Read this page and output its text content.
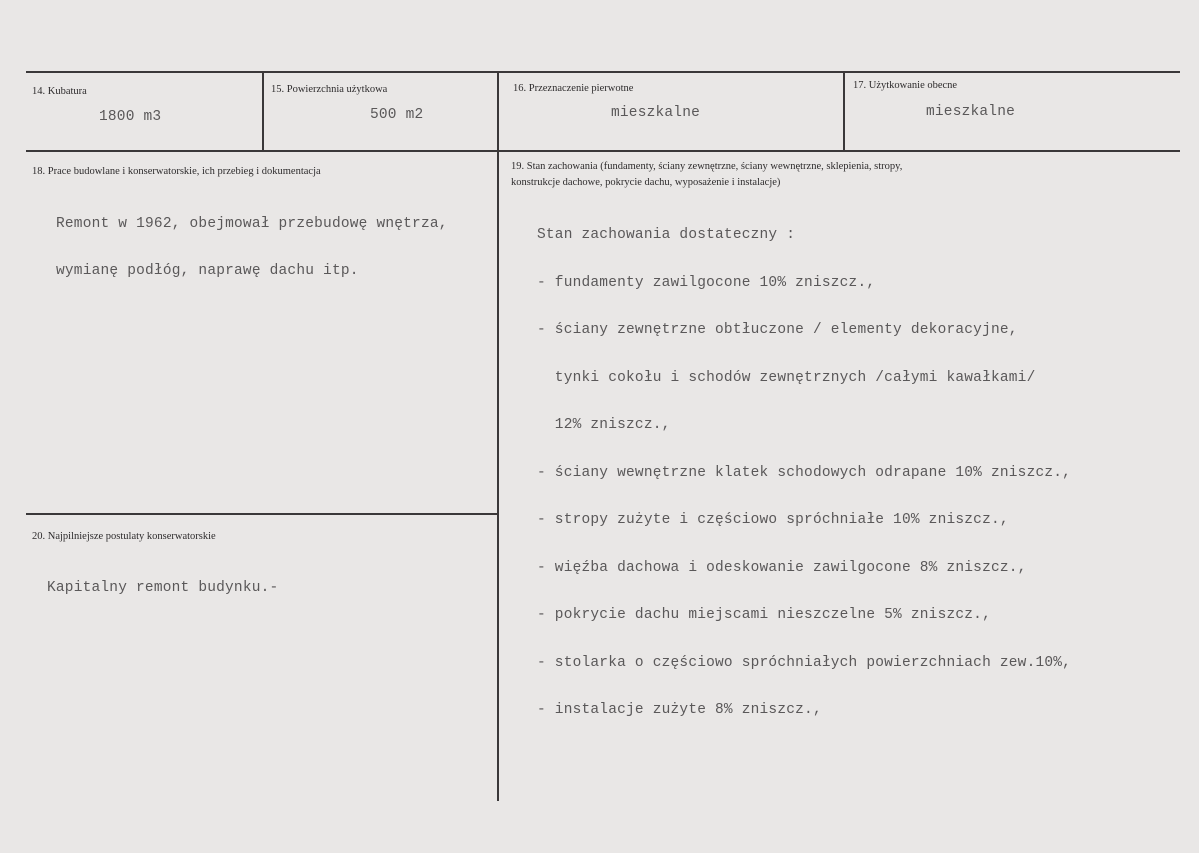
14. Kubatura
1800 m3
15. Powierzchnia użytkowa
500 m2
16. Przeznaczenie pierwotne
mieszkalne
17. Użytkowanie obecne
mieszkalne
18. Prace budowlane i konserwatorskie, ich przebieg i dokumentacja

Remont w 1962, obejmował przebudowę wnętrza,

wymianę podłóg, naprawę dachu itp.

19. Stan zachowania (fundamenty, ściany zewnętrzne, ściany wewnętrzne, sklepienia, stropy,
konstrukcje dachowe, pokrycie dachu, wyposażenie i instalacje)

Stan zachowania dostateczny :

- fundamenty zawilgocone 10% zniszcz.,

- ściany zewnętrzne obtłuczone / elementy dekoracyjne,

tynki cokołu i schodów zewnętrznych /całymi kawałkami/

12% zniszcz.,

- ściany wewnętrzne klatek schodowych odrapane 10% zniszcz.,

- stropy zużyte i częściowo spróchniałe 10% zniszcz.,

- więźba dachowa i odeskowanie zawilgocone 8% zniszcz.,

- pokrycie dachu miejscami nieszczelne 5% zniszcz.,

- stolarka o częściowo spróchniałych powierzchniach zew.10%,

- instalacje zużyte 8% zniszcz.,

20. Najpilniejsze postulaty konserwatorskie

Kapitalny remont budynku.-
